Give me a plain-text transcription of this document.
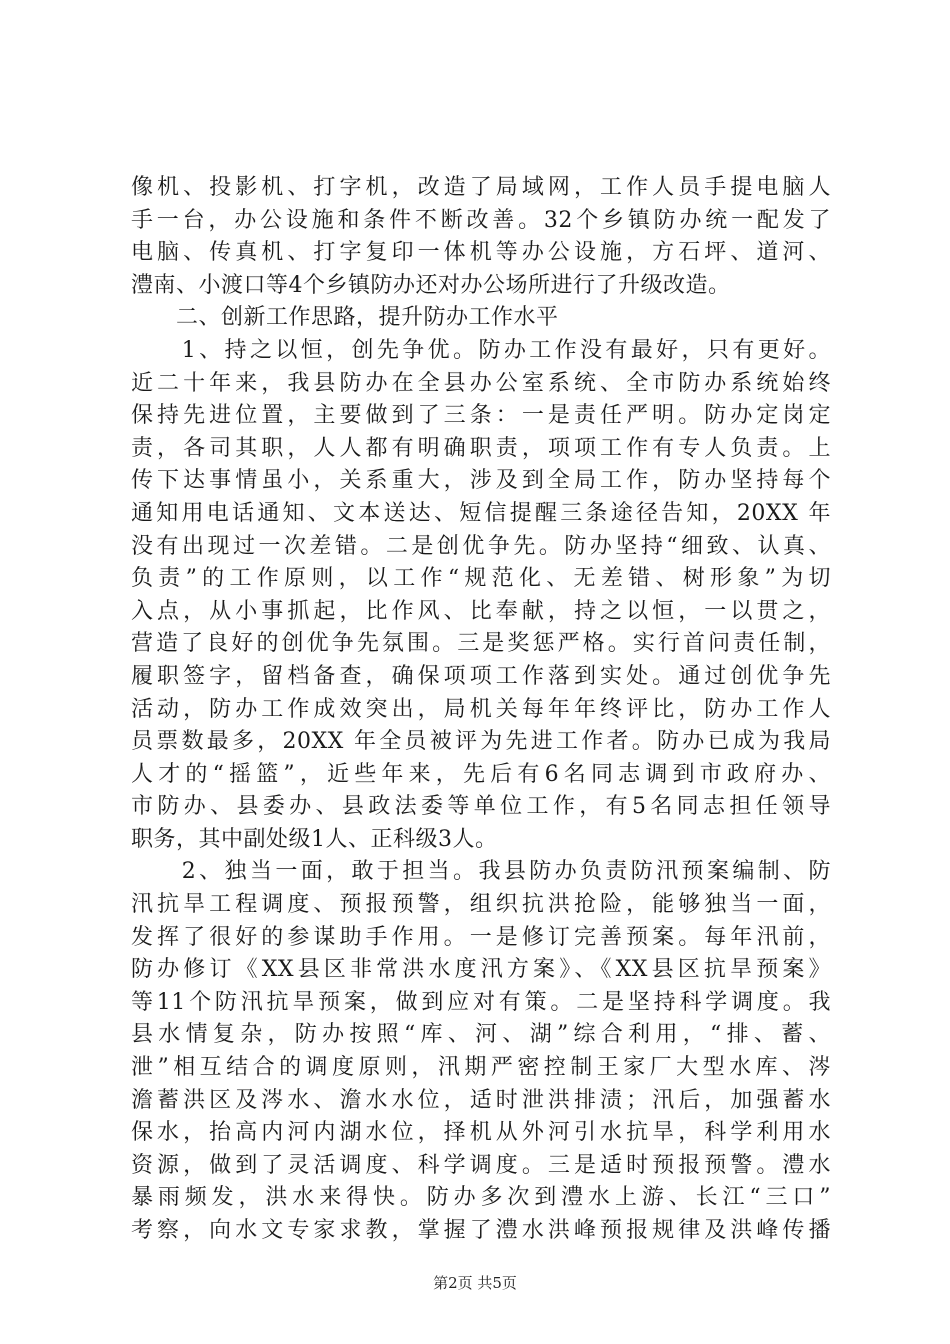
像机、投影机、打字机，改造了局域网，工作人员手提电脑人
手一台，办公设施和条件不断改善。32个乡镇防办统一配发了
电脑、传真机、打字复印一体机等办公设施，方石坪、道河、
澧南、小渡口等4个乡镇防办还对办公场所进行了升级改造。
　　二、创新工作思路，提升防办工作水平
　　1、持之以恒，创先争优。防办工作没有最好，只有更好。
近二十年来，我县防办在全县办公室系统、全市防办系统始终
保持先进位置，主要做到了三条：一是责任严明。防办定岗定
责，各司其职，人人都有明确职责，项项工作有专人负责。上
传下达事情虽小，关系重大，涉及到全局工作，防办坚持每个
通知用电话通知、文本送达、短信提醒三条途径告知，20XX 年
没有出现过一次差错。二是创优争先。防办坚持“细致、认真、
负责”的工作原则，以工作“规范化、无差错、树形象”为切
入点，从小事抓起，比作风、比奉献，持之以恒，一以贯之，
营造了良好的创优争先氛围。三是奖惩严格。实行首问责任制，
履职签字，留档备查，确保项项工作落到实处。通过创优争先
活动，防办工作成效突出，局机关每年年终评比，防办工作人
员票数最多，20XX 年全员被评为先进工作者。防办已成为我局
人才的“摇篮”，近些年来，先后有6名同志调到市政府办、
市防办、县委办、县政法委等单位工作，有5名同志担任领导
职务，其中副处级1人、正科级3人。
　　2、独当一面，敢于担当。我县防办负责防汛预案编制、防
汛抗旱工程调度、预报预警，组织抗洪抢险，能够独当一面，
发挥了很好的参谋助手作用。一是修订完善预案。每年汛前，
防办修订《XX县区非常洪水度汛方案》、《XX县区抗旱预案》
等11个防汛抗旱预案，做到应对有策。二是坚持科学调度。我
县水情复杂，防办按照“库、河、湖”综合利用，“排、蓄、
泄”相互结合的调度原则，汛期严密控制王家厂大型水库、涔
澹蓄洪区及涔水、澹水水位，适时泄洪排渍；汛后，加强蓄水
保水，抬高内河内湖水位，择机从外河引水抗旱，科学利用水
资源，做到了灵活调度、科学调度。三是适时预报预警。澧水
暴雨频发，洪水来得快。防办多次到澧水上游、长江“三口”
考察，向水文专家求教，掌握了澧水洪峰预报规律及洪峰传播
第2页 共5页
